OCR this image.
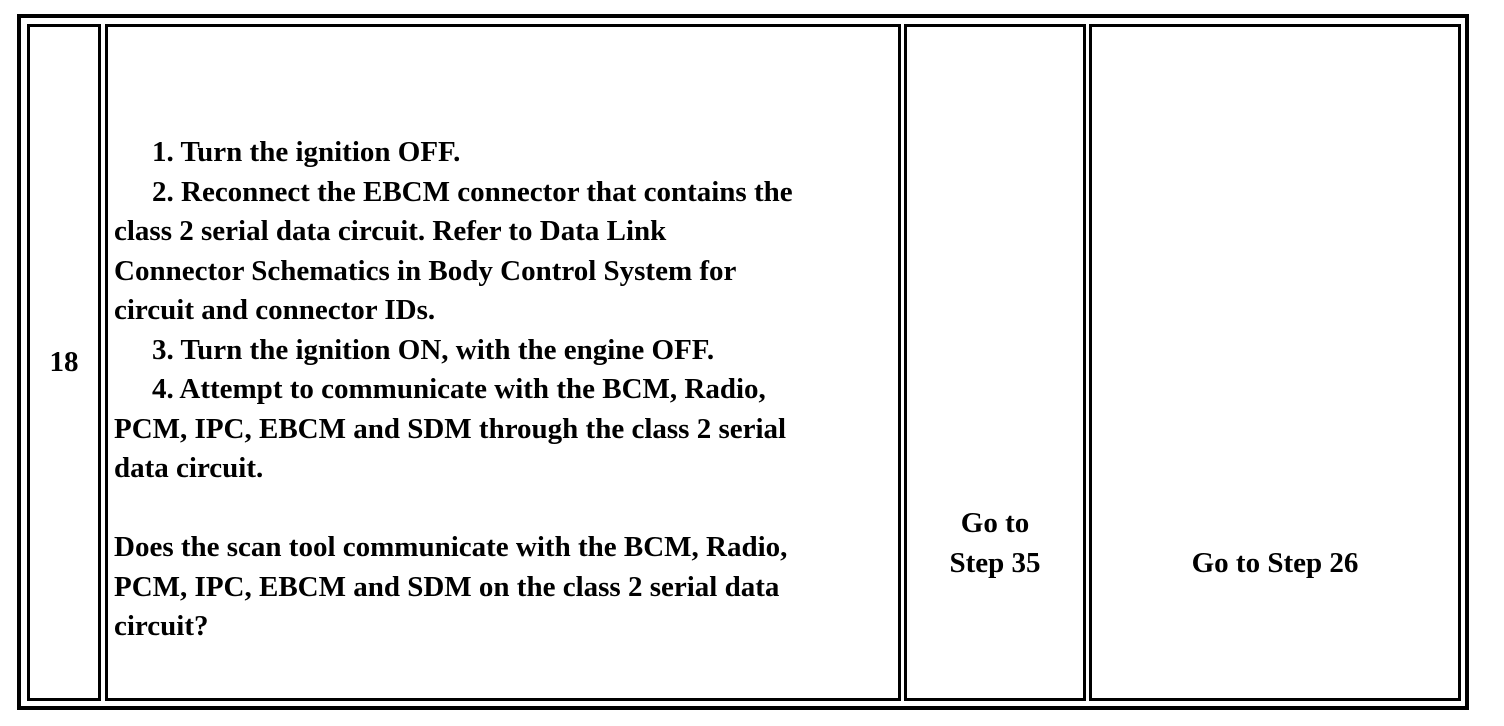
18
1. Turn the ignition OFF.
2. Reconnect the EBCM connector that contains the
class 2 serial data circuit. Refer to Data Link
Connector Schematics in Body Control System for
circuit and connector IDs.
3. Turn the ignition ON, with the engine OFF.
4. Attempt to communicate with the BCM, Radio,
PCM, IPC, EBCM and SDM through the class 2 serial
data circuit.
Does the scan tool communicate with the BCM, Radio,
PCM, IPC, EBCM and SDM on the class 2 serial data
circuit?
Go to
Step 35	Go to Step 26
